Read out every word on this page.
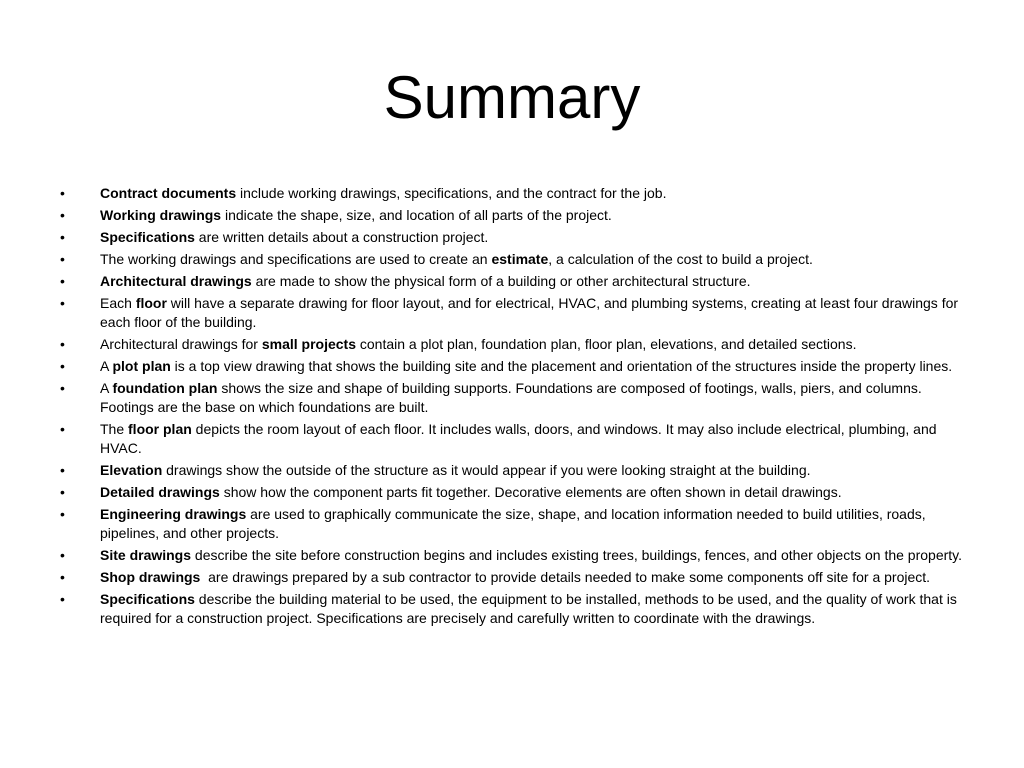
Summary
•	Contract documents include working drawings, specifications, and the contract for the job.
•	Working drawings indicate the shape, size, and location of all parts of the project.
•	Specifications are written details about a construction project.
•	The working drawings and specifications are used to create an estimate, a calculation of the cost to build a project.
•	Architectural drawings are made to show the physical form of a building or other architectural structure.
•	Each floor will have a separate drawing for floor layout, and for electrical, HVAC, and plumbing systems, creating at least four drawings for each floor of the building.
•	Architectural drawings for small projects contain a plot plan, foundation plan, floor plan, elevations, and detailed sections.
•	A plot plan is a top view drawing that shows the building site and the placement and orientation of the structures inside the property lines.
•	A foundation plan shows the size and shape of building supports. Foundations are composed of footings, walls, piers, and columns. Footings are the base on which foundations are built.
•	The floor plan depicts the room layout of each floor. It includes walls, doors, and windows. It may also include electrical, plumbing, and HVAC.
•	Elevation drawings show the outside of the structure as it would appear if you were looking straight at the building.
•	Detailed drawings show how the component parts fit together. Decorative elements are often shown in detail drawings.
•	Engineering drawings are used to graphically communicate the size, shape, and location information needed to build utilities, roads, pipelines, and other projects.
•	Site drawings describe the site before construction begins and includes existing trees, buildings, fences, and other objects on the property.
•	Shop drawings  are drawings prepared by a sub contractor to provide details needed to make some components off site for a project.
•	Specifications describe the building material to be used, the equipment to be installed, methods to be used, and the quality of work that is required for a construction project. Specifications are precisely and carefully written to coordinate with the drawings.
